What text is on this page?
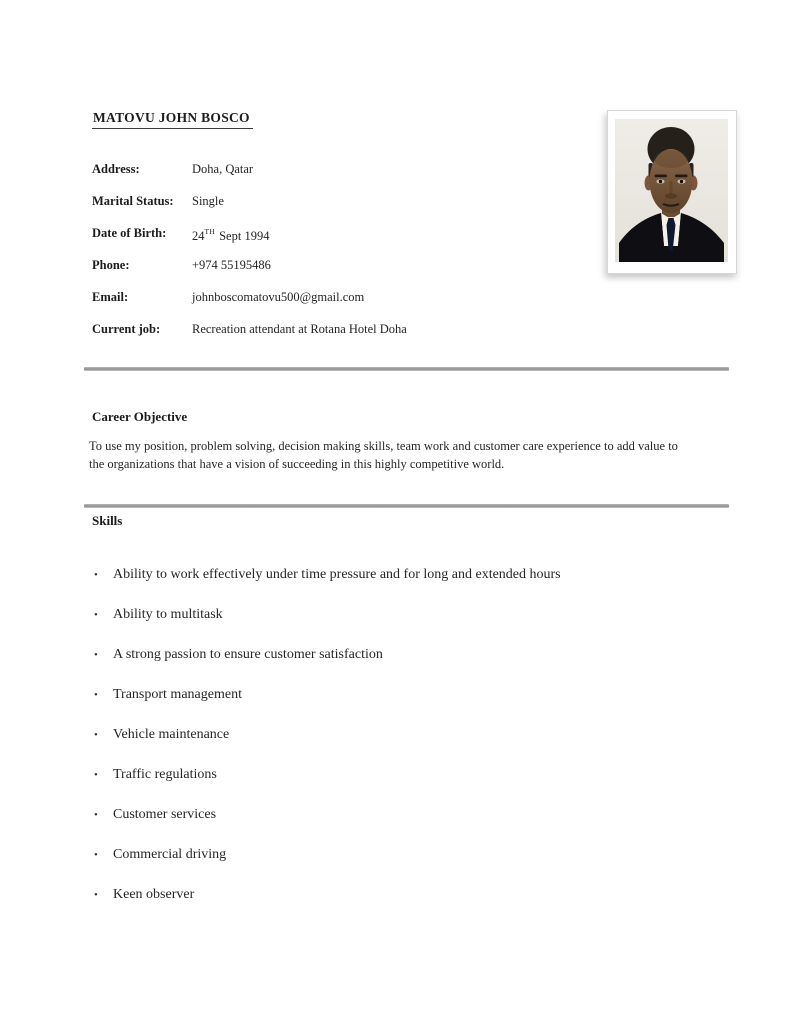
MATOVU JOHN BOSCO
Address:	Doha, Qatar
Marital Status:	Single
Date of Birth:	24TH Sept 1994
Phone:	+974 55195486
Email:	johnboscomatovu500@gmail.com
Current job:	Recreation attendant at Rotana Hotel Doha
Career Objective

To use my position, problem solving, decision making skills, team work and customer care experience to add value to the organizations that have a vision of succeeding in this highly competitive world.

Skills
•	Ability to work effectively under time pressure and for long and extended hours
•	Ability to multitask
•	A strong passion to ensure customer satisfaction
•	Transport management
•	Vehicle maintenance
•	Traffic regulations
•	Customer services
•	Commercial driving
•	Keen observer
